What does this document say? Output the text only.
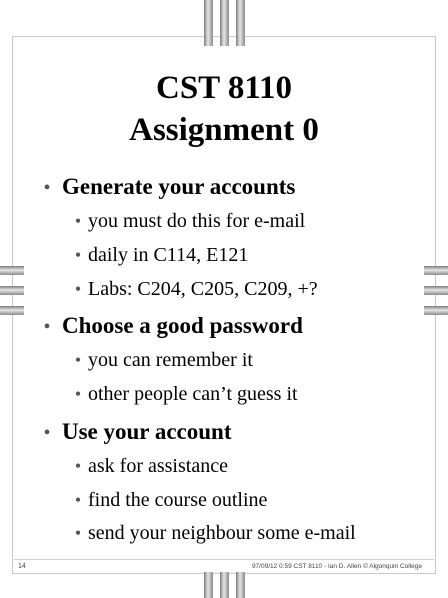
CST 8110
Assignment 0
• Generate your accounts
• you must do this for e-mail
• daily in C114, E121
• Labs: C204, C205, C209, +?
• Choose a good password
• you can remember it
• other people can’t guess it
• Use your account
• ask for assistance
• find the course outline
• send your neighbour some e-mail
14	97/09/12 0:59 CST 8110 - Ian D. Allen © Algonquin College
